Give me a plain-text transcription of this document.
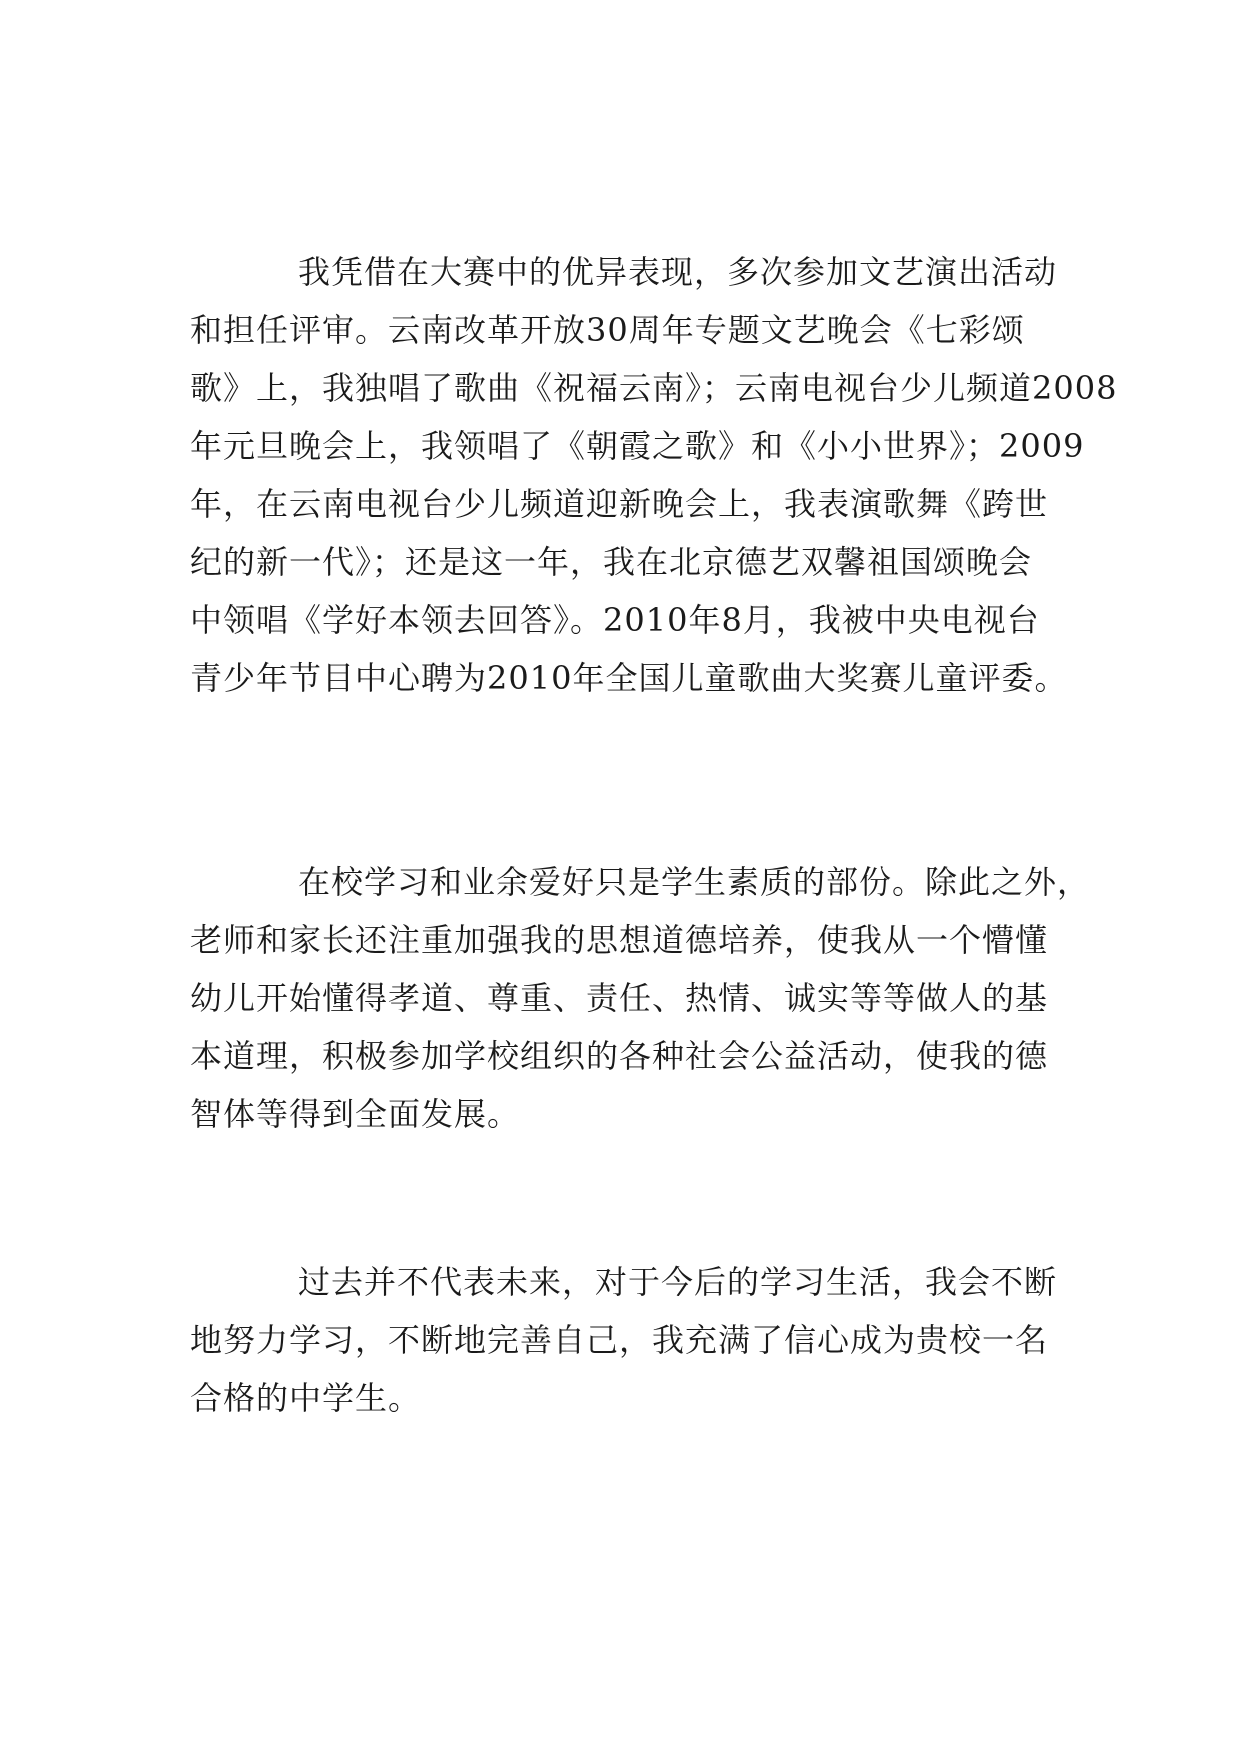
我凭借在大赛中的优异表现，多次参加文艺演出活动
和担任评审。云南改革开放30周年专题文艺晚会《七彩颂
歌》上，我独唱了歌曲《祝福云南》；云南电视台少儿频道2008
年元旦晚会上，我领唱了《朝霞之歌》和《小小世界》；2009
年，在云南电视台少儿频道迎新晚会上，我表演歌舞《跨世
纪的新一代》；还是这一年，我在北京德艺双馨祖国颂晚会
中领唱《学好本领去回答》。2010年8月，我被中央电视台
青少年节目中心聘为2010年全国儿童歌曲大奖赛儿童评委。
在校学习和业余爱好只是学生素质的部份。除此之外，
老师和家长还注重加强我的思想道德培养，使我从一个懵懂
幼儿开始懂得孝道、尊重、责任、热情、诚实等等做人的基
本道理，积极参加学校组织的各种社会公益活动，使我的德
智体等得到全面发展。
过去并不代表未来，对于今后的学习生活，我会不断
地努力学习，不断地完善自己，我充满了信心成为贵校一名
合格的中学生。
